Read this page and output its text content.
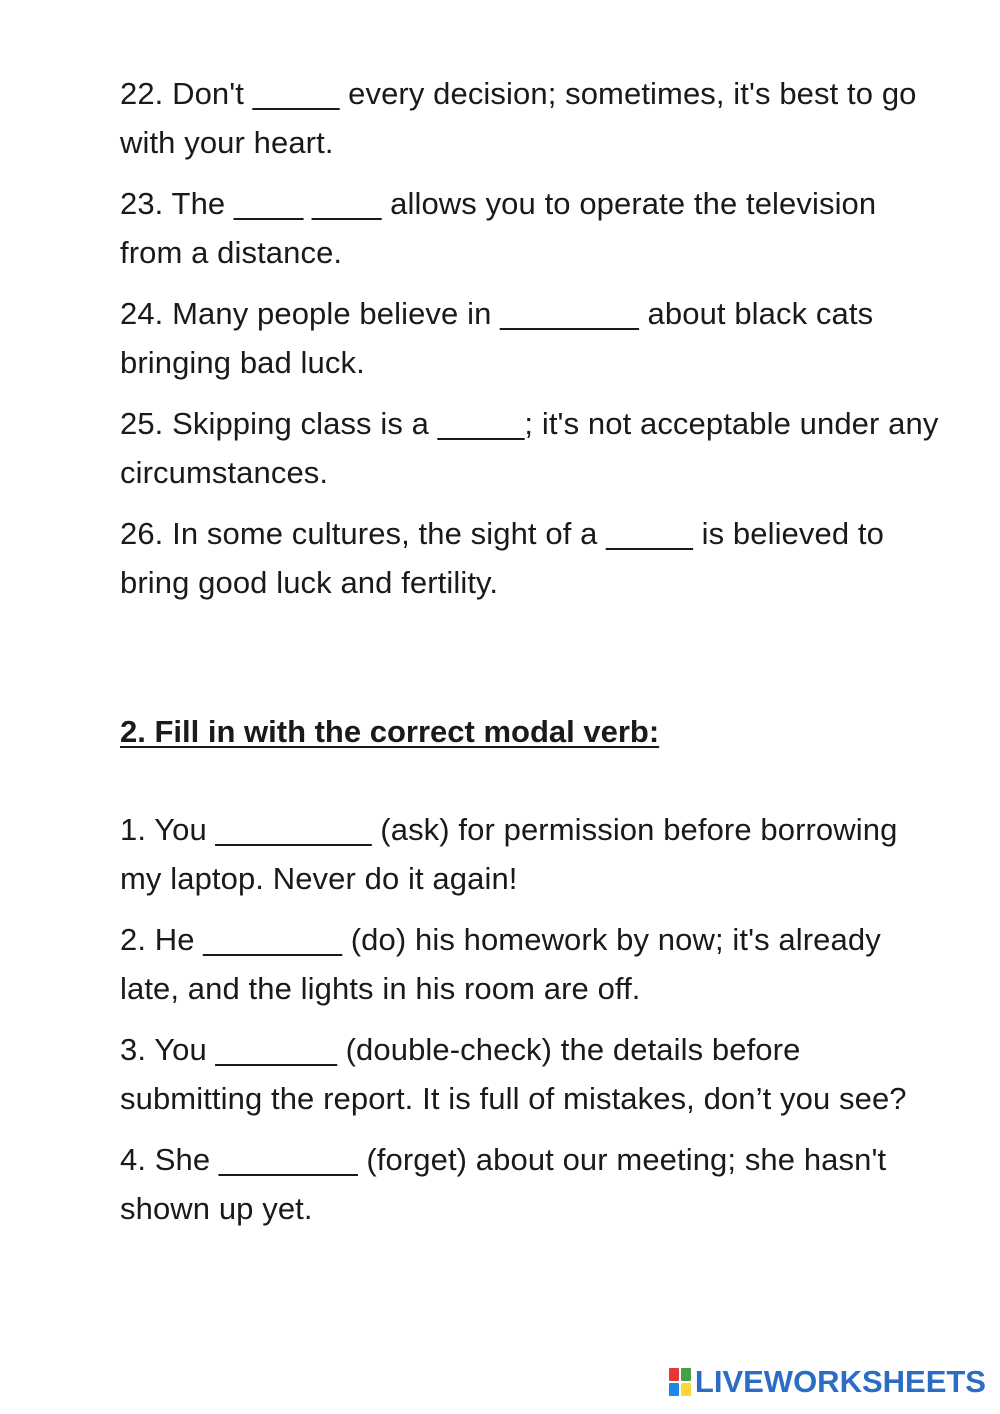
22. Don't _____ every decision; sometimes, it's best to go with your heart.

23. The ____ ____ allows you to operate the television from a distance.

24. Many people believe in ________ about black cats bringing bad luck.

25. Skipping class is a _____; it's not acceptable under any circumstances.

26. In some cultures, the sight of a _____ is believed to bring good luck and fertility.

2. Fill in with the correct modal verb:

1. You _________ (ask) for permission before borrowing my laptop. Never do it again!

2. He ________ (do) his homework by now; it's already late, and the lights in his room are off.

3. You _______ (double-check) the details before submitting the report. It is full of mistakes, don’t you see?

4. She ________ (forget) about our meeting; she hasn't shown up yet.

LIVEWORKSHEETS
